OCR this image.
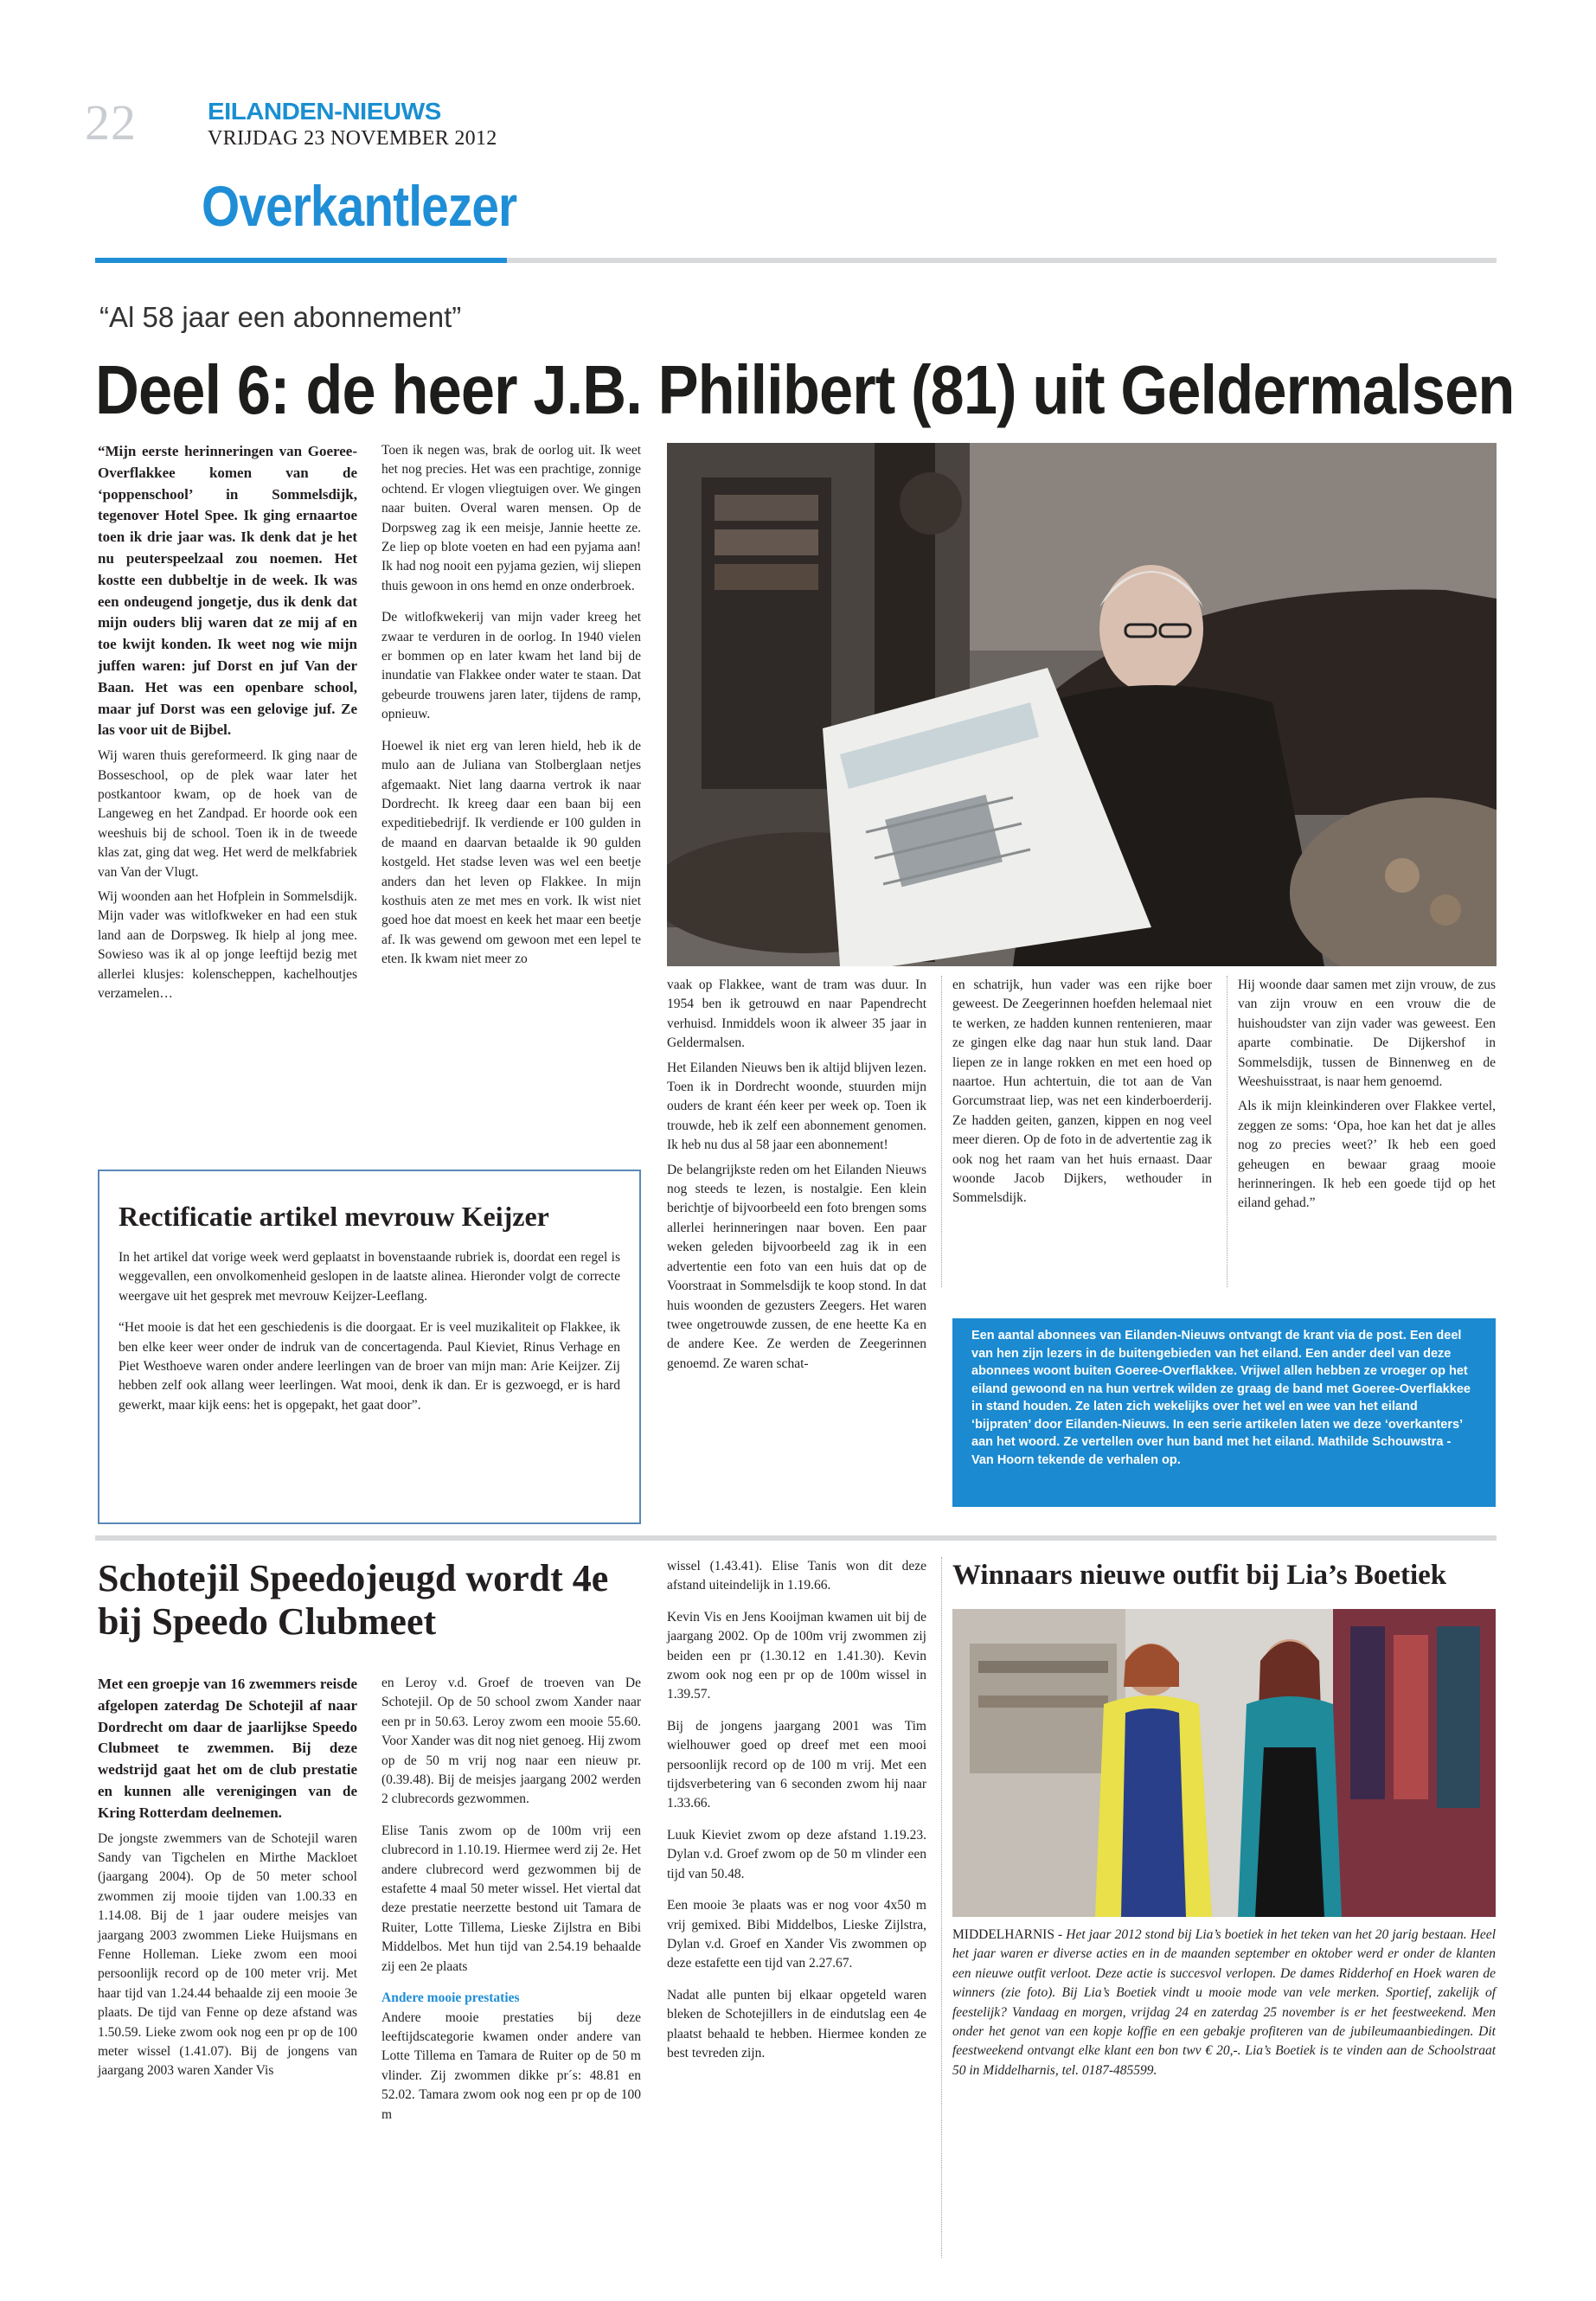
22	EILANDEN-NIEUWS
VRIJDAG 23 NOVEMBER 2012
Overkantlezer
“Al 58 jaar een abonnement”
Deel 6: de heer J.B. Philibert (81) uit Geldermalsen

“Mijn eerste herinneringen van Goeree-Overflakkee komen van de ‘poppenschool’ in Sommelsdijk, tegenover Hotel Spee. Ik ging ernaartoe toen ik drie jaar was. Ik denk dat je het nu peuterspeelzaal zou noemen. Het kostte een dubbeltje in de week. Ik was een ondeugend jongetje, dus ik denk dat mijn ouders blij waren dat ze mij af en toe kwijt konden. Ik weet nog wie mijn juffen waren: juf Dorst en juf Van der Baan. Het was een openbare school, maar juf Dorst was een gelovige juf. Ze las voor uit de Bijbel.

Wij waren thuis gereformeerd. Ik ging naar de Bosseschool, op de plek waar later het postkantoor kwam, op de hoek van de Langeweg en het Zandpad. Er hoorde ook een weeshuis bij de school. Toen ik in de tweede klas zat, ging dat weg. Het werd de melkfabriek van Van der Vlugt.

Wij woonden aan het Hofplein in Sommelsdijk. Mijn vader was witlofkweker en had een stuk land aan de Dorpsweg. Ik hielp al jong mee. Sowieso was ik al op jonge leeftijd bezig met allerlei klusjes: kolenscheppen, kachelhoutjes verzamelen…

Toen ik negen was, brak de oorlog uit. Ik weet het nog precies. Het was een prachtige, zonnige ochtend. Er vlogen vliegtuigen over. We gingen naar buiten. Overal waren mensen. Op de Dorpsweg zag ik een meisje, Jannie heette ze. Ze liep op blote voeten en had een pyjama aan! Ik had nog nooit een pyjama gezien, wij sliepen thuis gewoon in ons hemd en onze onderbroek.

De witlofkwekerij van mijn vader kreeg het zwaar te verduren in de oorlog. In 1940 vielen er bommen op en later kwam het land bij de inundatie van Flakkee onder water te staan. Dat gebeurde trouwens jaren later, tijdens de ramp, opnieuw.

Hoewel ik niet erg van leren hield, heb ik de mulo aan de Juliana van Stolberglaan netjes afgemaakt. Niet lang daarna vertrok ik naar Dordrecht. Ik kreeg daar een baan bij een expeditiebedrijf. Ik verdiende er 100 gulden in de maand en daarvan betaalde ik 90 gulden kostgeld. Het stadse leven was wel een beetje anders dan het leven op Flakkee. In mijn kosthuis aten ze met mes en vork. Ik wist niet goed hoe dat moest en keek het maar een beetje af. Ik was gewend om gewoon met een lepel te eten. Ik kwam niet meer zo

vaak op Flakkee, want de tram was duur. In 1954 ben ik getrouwd en naar Papendrecht verhuisd. Inmiddels woon ik alweer 35 jaar in Geldermalsen.

Het Eilanden Nieuws ben ik altijd blijven lezen. Toen ik in Dordrecht woonde, stuurden mijn ouders de krant één keer per week op. Toen ik trouwde, heb ik zelf een abonnement genomen. Ik heb nu dus al 58 jaar een abonnement!

De belangrijkste reden om het Eilanden Nieuws nog steeds te lezen, is nostalgie. Een klein berichtje of bijvoorbeeld een foto brengen soms allerlei herinneringen naar boven. Een paar weken geleden bijvoorbeeld zag ik in een advertentie een foto van een huis dat op de Voorstraat in Sommelsdijk te koop stond. In dat huis woonden de gezusters Zeegers. Het waren twee ongetrouwde zussen, de ene heette Ka en de andere Kee. Ze werden de Zeegerinnen genoemd. Ze waren schat-

en schatrijk, hun vader was een rijke boer geweest. De Zeegerinnen hoefden helemaal niet te werken, ze hadden kunnen rentenieren, maar ze gingen elke dag naar hun stuk land. Daar liepen ze in lange rokken en met een hoed op naartoe. Hun achtertuin, die tot aan de Van Gorcumstraat liep, was net een kinderboerderij. Ze hadden geiten, ganzen, kippen en nog veel meer dieren. Op de foto in de advertentie zag ik ook nog het raam van het huis ernaast. Daar woonde Jacob Dijkers, wethouder in Sommelsdijk.

Hij woonde daar samen met zijn vrouw, de zus van zijn vrouw en een vrouw die de huishoudster van zijn vader was geweest. Een aparte combinatie. De Dijkershof in Sommelsdijk, tussen de Binnenweg en de Weeshuisstraat, is naar hem genoemd.

Als ik mijn kleinkinderen over Flakkee vertel, zeggen ze soms: ‘Opa, hoe kan het dat je alles nog zo precies weet?’ Ik heb een goed geheugen en bewaar graag mooie herinneringen. Ik heb een goede tijd op het eiland gehad.”

Een aantal abonnees van Eilanden-Nieuws ontvangt de krant via de post. Een deel van hen zijn lezers in de buitengebieden van het eiland. Een ander deel van deze abonnees woont buiten Goeree-Overflakkee. Vrijwel allen hebben ze vroeger op het eiland gewoond en na hun vertrek wilden ze graag de band met Goeree-Overflakkee in stand houden. Ze laten zich wekelijks over het wel en wee van het eiland ‘bijpraten’ door Eilanden-Nieuws. In een serie artikelen laten we deze ‘overkanters’ aan het woord. Ze vertellen over hun band met het eiland. Mathilde Schouwstra - Van Hoorn tekende de verhalen op.
Rectificatie artikel mevrouw Keijzer

In het artikel dat vorige week werd geplaatst in bovenstaande rubriek is, doordat een regel is weggevallen, een onvolkomenheid geslopen in de laatste alinea. Hieronder volgt de correcte weergave uit het gesprek met mevrouw Keijzer-Leeflang.

“Het mooie is dat het een geschiedenis is die doorgaat. Er is veel muzikaliteit op Flakkee, ik ben elke keer weer onder de indruk van de concertagenda. Paul Kieviet, Rinus Verhage en Piet Westhoeve waren onder andere leerlingen van de broer van mijn man: Arie Keijzer. Zij hebben zelf ook allang weer leerlingen. Wat mooi, denk ik dan. Er is gezwoegd, er is hard gewerkt, maar kijk eens: het is opgepakt, het gaat door”.

Schotejil Speedojeugd wordt 4e bij Speedo Clubmeet

Met een groepje van 16 zwemmers reisde afgelopen zaterdag De Schotejil af naar Dordrecht om daar de jaarlijkse Speedo Clubmeet te zwemmen. Bij deze wedstrijd gaat het om de club prestatie en kunnen alle verenigingen van de Kring Rotterdam deelnemen.

De jongste zwemmers van de Schotejil waren Sandy van Tigchelen en Mirthe Mackloet (jaargang 2004). Op de 50 meter school zwommen zij mooie tijden van 1.00.33 en 1.14.08. Bij de 1 jaar oudere meisjes van jaargang 2003 zwommen Lieke Huijsmans en Fenne Holleman. Lieke zwom een mooi persoonlijk record op de 100 meter vrij. Met haar tijd van 1.24.44 behaalde zij een mooie 3e plaats. De tijd van Fenne op deze afstand was 1.50.59. Lieke zwom ook nog een pr op de 100 meter wissel (1.41.07). Bij de jongens van jaargang 2003 waren Xander Vis

en Leroy v.d. Groef de troeven van De Schotejil. Op de 50 school zwom Xander naar een pr in 50.63. Leroy zwom een mooie 55.60. Voor Xander was dit nog niet genoeg. Hij zwom op de 50 m vrij nog naar een nieuw pr. (0.39.48). Bij de meisjes jaargang 2002 werden 2 clubrecords gezwommen.

Elise Tanis zwom op de 100m vrij een clubrecord in 1.10.19. Hiermee werd zij 2e. Het andere clubrecord werd gezwommen bij de estafette 4 maal 50 meter wissel. Het viertal dat deze prestatie neerzette bestond uit Tamara de Ruiter, Lotte Tillema, Lieske Zijlstra en Bibi Middelbos. Met hun tijd van 2.54.19 behaalde zij een 2e plaats

Andere mooie prestaties

Andere mooie prestaties bij deze leeftijdscategorie kwamen onder andere van Lotte Tillema en Tamara de Ruiter op de 50 m vlinder. Zij zwommen dikke pr´s: 48.81 en 52.02. Tamara zwom ook nog een pr op de 100 m

wissel (1.43.41). Elise Tanis won dit deze afstand uiteindelijk in 1.19.66.

Kevin Vis en Jens Kooijman kwamen uit bij de jaargang 2002. Op de 100m vrij zwommen zij beiden een pr (1.30.12 en 1.41.30). Kevin zwom ook nog een pr op de 100m wissel in 1.39.57.

Bij de jongens jaargang 2001 was Tim wielhouwer goed op dreef met een mooi persoonlijk record op de 100 m vrij. Met een tijdsverbetering van 6 seconden zwom hij naar 1.33.66.

Luuk Kieviet zwom op deze afstand 1.19.23. Dylan v.d. Groef zwom op de 50 m vlinder een tijd van 50.48.

Een mooie 3e plaats was er nog voor 4x50 m vrij gemixed. Bibi Middelbos, Lieske Zijlstra, Dylan v.d. Groef en Xander Vis zwommen op deze estafette een tijd van 2.27.67.

Nadat alle punten bij elkaar opgeteld waren bleken de Schotejillers in de eindutslag een 4e plaatst behaald te hebben. Hiermee konden ze best tevreden zijn.

Winnaars nieuwe outfit bij Lia’s Boetiek
MIDDELHARNIS - Het jaar 2012 stond bij Lia’s boetiek in het teken van het 20 jarig bestaan. Heel het jaar waren er diverse acties en in de maanden september en oktober werd er onder de klanten een nieuwe outfit verloot. Deze actie is succesvol verlopen. De dames Ridderhof en Hoek waren de winners (zie foto). Bij Lia’s Boetiek vindt u mooie mode van vele merken. Sportief, zakelijk of feestelijk? Vandaag en morgen, vrijdag 24 en zaterdag 25 november is er het feestweekend. Men onder het genot van een kopje koffie en een gebakje profiteren van de jubileumaanbiedingen. Dit feestweekend ontvangt elke klant een bon twv € 20,-. Lia’s Boetiek is te vinden aan de Schoolstraat 50 in Middelharnis, tel. 0187-485599.
